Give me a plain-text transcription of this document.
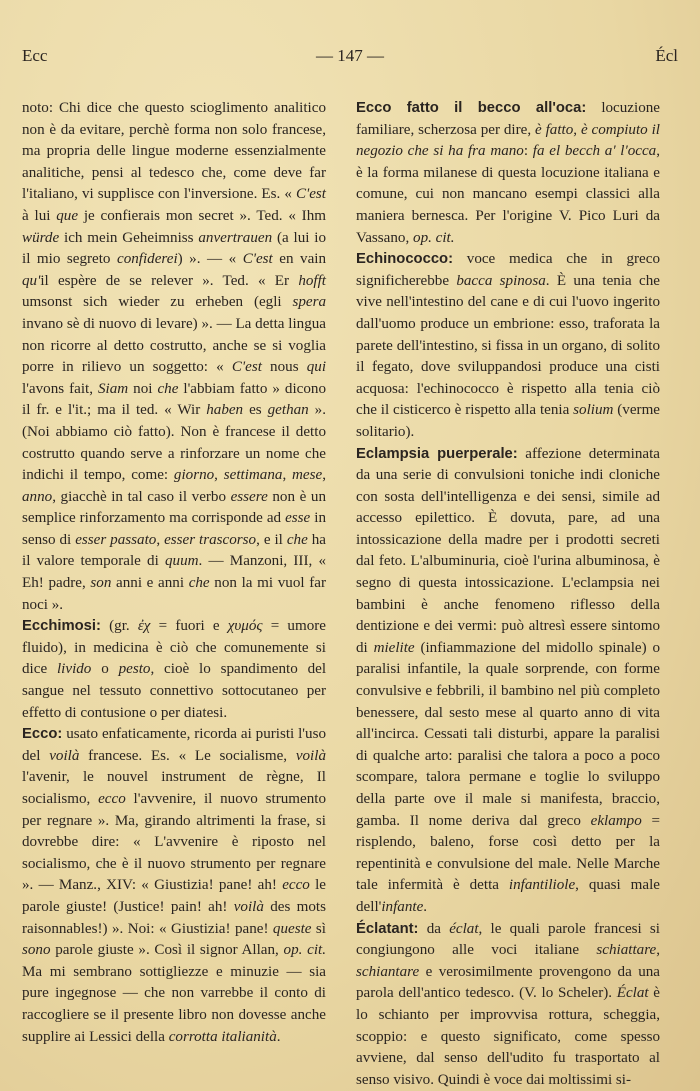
Ecc	— 147 —	Écl

noto: Chi dice che questo scioglimento analitico non è da evitare, perchè forma non solo francese, ma propria delle lingue moderne essenzialmente analitiche, pensi al tedesco che, come deve far l'italiano, vi supplisce con l'inversione. Es. « C'est à lui que je confierais mon secret ». Ted. « Ihm würde ich mein Geheimniss anvertrauen (a lui io il mio segreto confiderei) ». — « C'est en vain qu'il espère de se relever ». Ted. « Er hofft umsonst sich wieder zu erheben (egli spera invano sè di nuovo di levare) ». — La detta lingua non ricorre al detto costrutto, anche se si voglia porre in rilievo un soggetto: « C'est nous qui l'avons fait, Siam noi che l'abbiam fatto » dicono il fr. e l'it.; ma il ted. « Wir haben es gethan ». (Noi abbiamo ciò fatto). Non è francese il detto costrutto quando serve a rinforzare un nome che indichi il tempo, come: giorno, settimana, mese, anno, giacchè in tal caso il verbo essere non è un semplice rinforzamento ma corrisponde ad esse in senso di esser passato, esser trascorso, e il che ha il valore temporale di quum. — Manzoni, III, « Eh! padre, son anni e anni che non la mi vuol far noci ».

Ecchimosi: (gr. ἐχ = fuori e χυμός = umore fluido), in medicina è ciò che comunemente si dice livido o pesto, cioè lo spandimento del sangue nel tessuto connettivo sottocutaneo per effetto di contusione o per diatesi.

Ecco: usato enfaticamente, ricorda ai puristi l'uso del voilà francese. Es. « Le socialisme, voilà l'avenir, le nouvel instrument de règne, Il socialismo, ecco l'avvenire, il nuovo strumento per regnare ». Ma, girando altrimenti la frase, si dovrebbe dire: « L'avvenire è riposto nel socialismo, che è il nuovo strumento per regnare ». — Manz., XIV: « Giustizia! pane! ah! ecco le parole giuste! (Justice! pain! ah! voilà des mots raisonnables!) ». Noi: « Giustizia! pane! queste sì sono parole giuste ». Così il signor Allan, op. cit. Ma mi sembrano sottigliezze e minuzie — sia pure ingegnose — che non varrebbe il conto di raccogliere se il presente libro non dovesse anche supplire ai Lessici della corrotta italianità.

Ecco fatto il becco all'oca: locuzione familiare, scherzosa per dire, è fatto, è compiuto il negozio che si ha fra mano: fa el becch a' l'occa, è la forma milanese di questa locuzione italiana e comune, cui non mancano esempi classici alla maniera bernesca. Per l'origine V. Pico Luri da Vassano, op. cit.

Echinococco: voce medica che in greco significherebbe bacca spinosa. È una tenia che vive nell'intestino del cane e di cui l'uovo ingerito dall'uomo produce un embrione: esso, traforata la parete dell'intestino, si fissa in un organo, di solito il fegato, dove sviluppandosi produce una cisti acquosa: l'echinococco è rispetto alla tenia ciò che il cisticerco è rispetto alla tenia solium (verme solitario).

Eclampsia puerperale: affezione determinata da una serie di convulsioni toniche indi cloniche con sosta dell'intelligenza e dei sensi, simile ad accesso epilettico. È dovuta, pare, ad una intossicazione della madre per i prodotti secreti dal feto. L'albuminuria, cioè l'urina albuminosa, è segno di questa intossicazione. L'eclampsia nei bambini è anche fenomeno riflesso della dentizione e dei vermi: può altresì essere sintomo di mielite (infiammazione del midollo spinale) o paralisi infantile, la quale sorprende, con forme convulsive e febbrili, il bambino nel più completo benessere, dal sesto mese al quarto anno di vita all'incirca. Cessati tali disturbi, appare la paralisi di qualche arto: paralisi che talora a poco a poco scompare, talora permane e toglie lo sviluppo della parte ove il male si manifesta, braccio, gamba. Il nome deriva dal greco eklampo = risplendo, baleno, forse così detto per la repentinità e convulsione del male. Nelle Marche tale infermità è detta infantiliole, quasi male dell'infante.

Éclatant: da éclat, le quali parole francesi si congiungono alle voci italiane schiattare, schiantare e verosimilmente provengono da una parola dell'antico tedesco. (V. lo Scheler). Éclat è lo schianto per improvvisa rottura, scheggia, scoppio: e questo significato, come spesso avviene, dal senso dell'udito fu trasportato al senso visivo. Quindi è voce dai moltissimi si-
